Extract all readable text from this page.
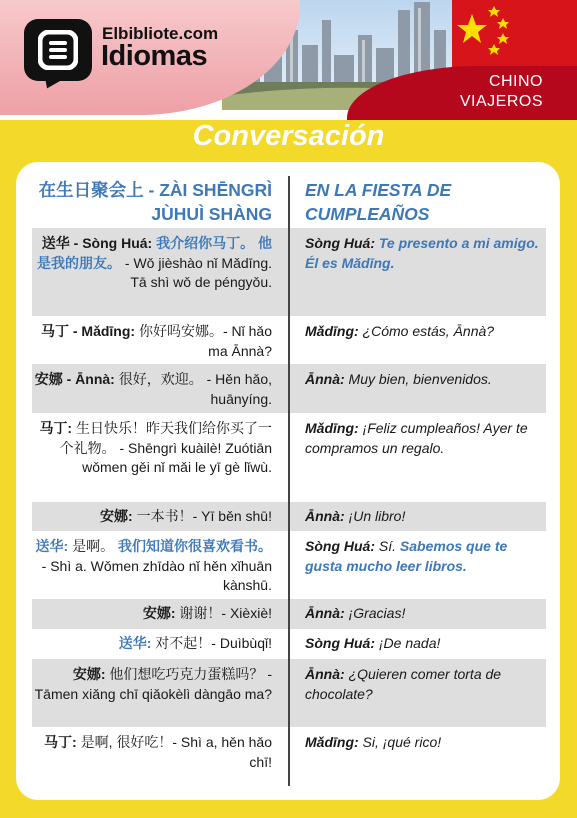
Elbibliote.com
Idiomas
CHINO
VIAJEROS
Conversación
在生日聚会上 - ZÀI SHĒNGRÌ JÙHUÌ SHÀNG
EN LA FIESTA DE CUMPLEAÑOS
送华 - Sòng Huá: 我介绍你马丁。 他是我的朋友。 - Wǒ jièshào nǐ Mǎdīng. Tā shì wǒ de péngyǒu.
Sòng Huá: Te presento a mi amigo. Él es Mădīng.
马丁 - Mǎdīng: 你好吗安娜。- Nǐ hǎo ma Ānnà?
Mǎdīng: ¿Cómo estás, Ānnà?
安娜 - Ānnà: 很好，欢迎。 - Hěn hǎo, huānyíng.
Ānnà: Muy bien, bienvenidos.
马丁: 生日快乐！昨天我们给你买了一个礼物。 - Shēngrì kuàilè! Zuótiān wǒmen gěi nǐ mǎi le yī gè lǐwù.
Mǎdīng: ¡Feliz cumpleaños! Ayer te compramos un regalo.
安娜: 一本书！- Yī běn shū! Ānnà: ¡Un libro!
送华: 是啊。 我们知道你很喜欢看书。 - Shì a. Wǒmen zhīdào nǐ hěn xǐhuān kànshū.
Sòng Huá: Sí. Sabemos que te gusta mucho leer libros.
安娜: 谢谢！- Xièxiè! Ānnà: ¡Gracias!
送华: 对不起！- Duìbùqǐ! Sòng Huá: ¡De nada!
安娜: 他们想吃巧克力蛋糕吗？ - Tāmen xiǎng chī qiǎokèlì dàngāo ma?
Ānnà: ¿Quieren comer torta de chocolate?
马丁: 是啊, 很好吃！- Shì a, hěn hǎo chī!
Mǎdīng: Si, ¡qué rico!
